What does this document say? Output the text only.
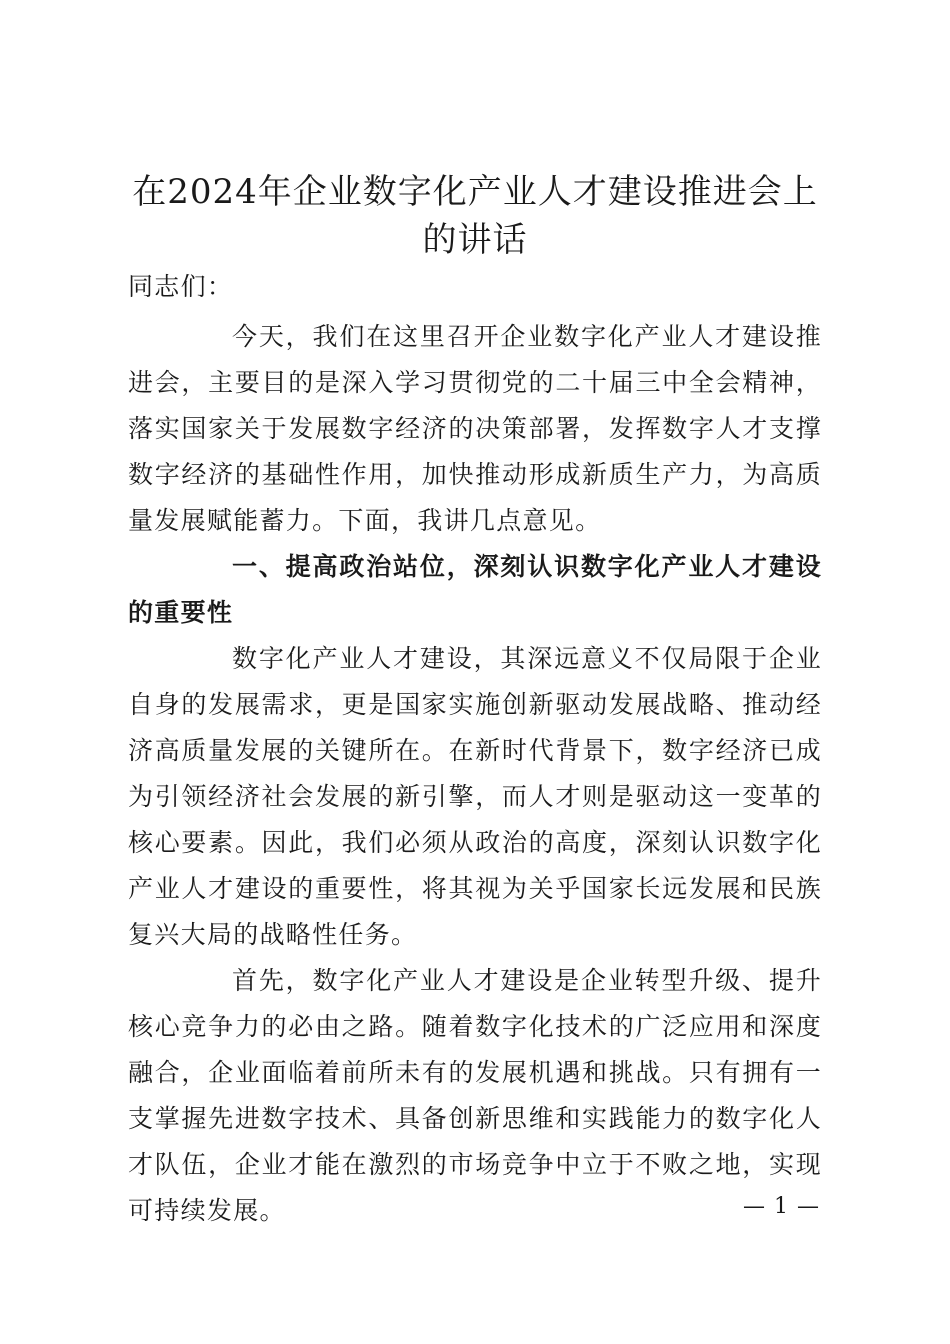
在2024年企业数字化产业人才建设推进会上的讲话

同志们：

今天，我们在这里召开企业数字化产业人才建设推进会，主要目的是深入学习贯彻党的二十届三中全会精神，落实国家关于发展数字经济的决策部署，发挥数字人才支撑数字经济的基础性作用，加快推动形成新质生产力，为高质量发展赋能蓄力。下面，我讲几点意见。

一、提高政治站位，深刻认识数字化产业人才建设的重要性

数字化产业人才建设，其深远意义不仅局限于企业自身的发展需求，更是国家实施创新驱动发展战略、推动经济高质量发展的关键所在。在新时代背景下，数字经济已成为引领经济社会发展的新引擎，而人才则是驱动这一变革的核心要素。因此，我们必须从政治的高度，深刻认识数字化产业人才建设的重要性，将其视为关乎国家长远发展和民族复兴大局的战略性任务。

首先，数字化产业人才建设是企业转型升级、提升核心竞争力的必由之路。随着数字化技术的广泛应用和深度融合，企业面临着前所未有的发展机遇和挑战。只有拥有一支掌握先进数字技术、具备创新思维和实践能力的数字化人才队伍，企业才能在激烈的市场竞争中立于不败之地，实现可持续发展。	— 1 —
